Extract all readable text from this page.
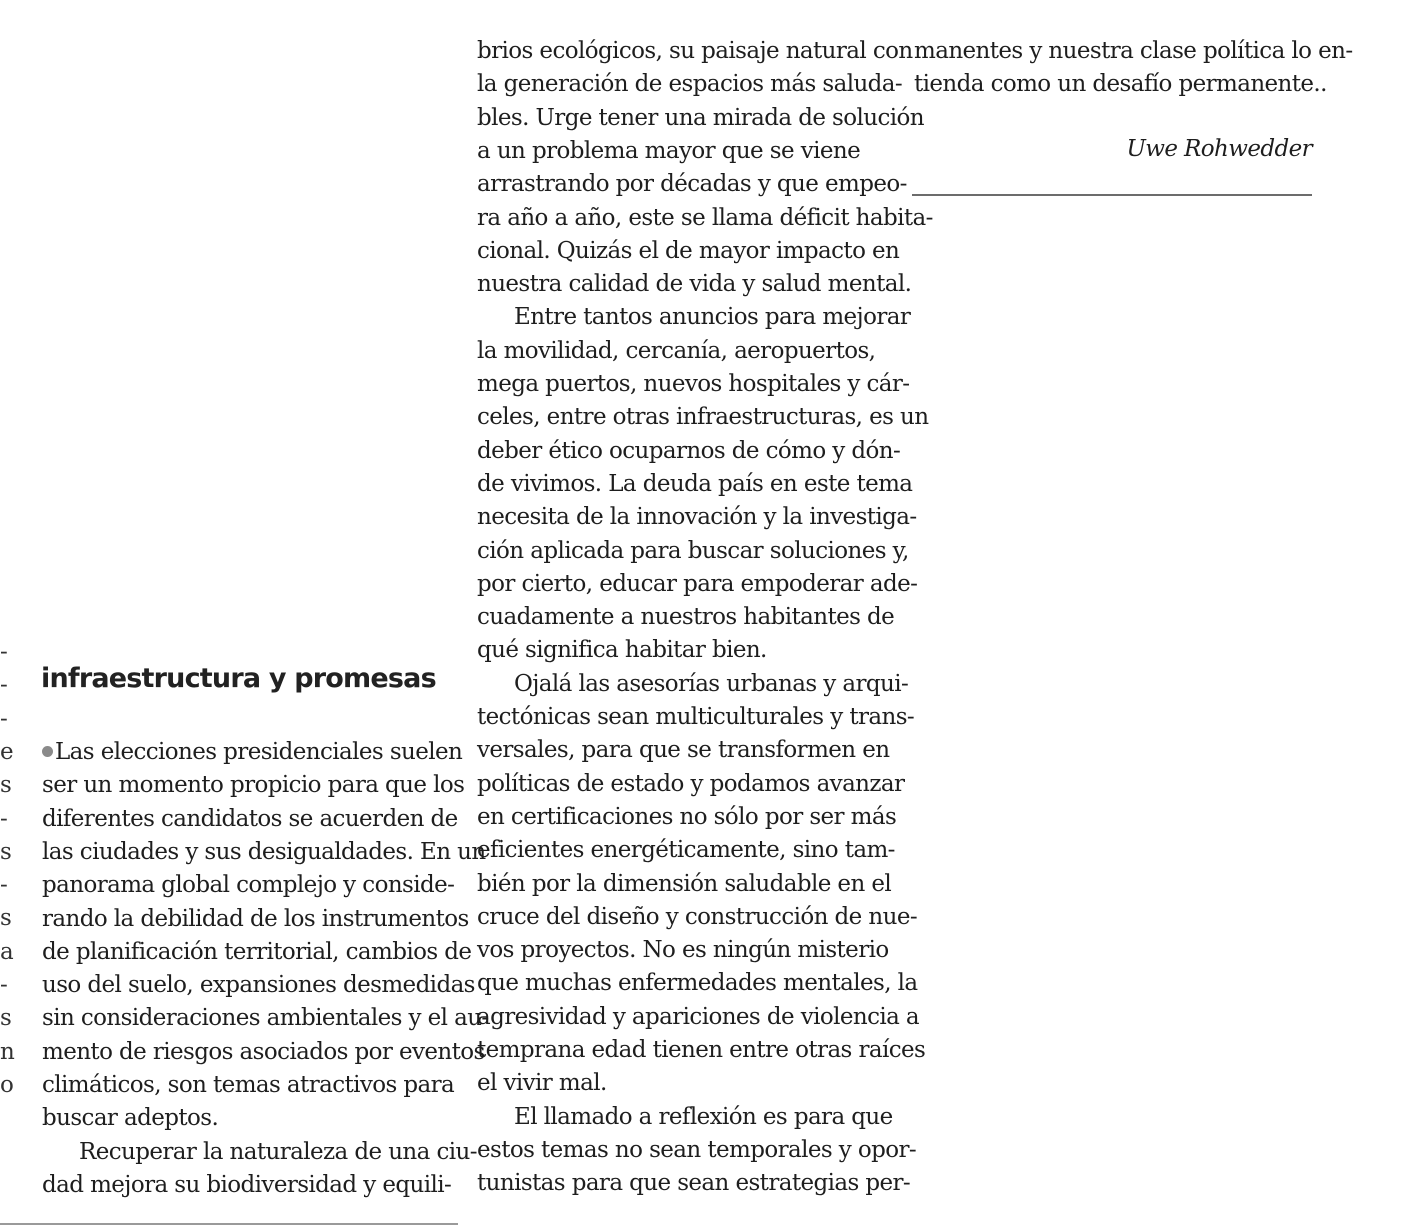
-
-
-
e
s
-
s
-
s
a
-
s
n
o
infraestructura y promesas
Las elecciones presidenciales suelen
ser un momento propicio para que los
diferentes candidatos se acuerden de
las ciudades y sus desigualdades. En un
panorama global complejo y conside-
rando la debilidad de los instrumentos
de planificación territorial, cambios de
uso del suelo, expansiones desmedidas
sin consideraciones ambientales y el au-
mento de riesgos asociados por eventos
climáticos, son temas atractivos para
buscar adeptos.
Recuperar la naturaleza de una ciu-
dad mejora su biodiversidad y equili-
brios ecológicos, su paisaje natural con
la generación de espacios más saluda-
bles. Urge tener una mirada de solución
a un problema mayor que se viene
arrastrando por décadas y que empeo-
ra año a año, este se llama déficit habita-
cional. Quizás el de mayor impacto en
nuestra calidad de vida y salud mental.
Entre tantos anuncios para mejorar
la movilidad, cercanía, aeropuertos,
mega puertos, nuevos hospitales y cár-
celes, entre otras infraestructuras, es un
deber ético ocuparnos de cómo y dón-
de vivimos. La deuda país en este tema
necesita de la innovación y la investiga-
ción aplicada para buscar soluciones y,
por cierto, educar para empoderar ade-
cuadamente a nuestros habitantes de
qué significa habitar bien.
Ojalá las asesorías urbanas y arqui-
tectónicas sean multiculturales y trans-
versales, para que se transformen en
políticas de estado y podamos avanzar
en certificaciones no sólo por ser más
eficientes energéticamente, sino tam-
bién por la dimensión saludable en el
cruce del diseño y construcción de nue-
vos proyectos. No es ningún misterio
que muchas enfermedades mentales, la
agresividad y apariciones de violencia a
temprana edad tienen entre otras raíces
el vivir mal.
El llamado a reflexión es para que
estos temas no sean temporales y opor-
tunistas para que sean estrategias per-
manentes y nuestra clase política lo en-
tienda como un desafío permanente..
Uwe Rohwedder
